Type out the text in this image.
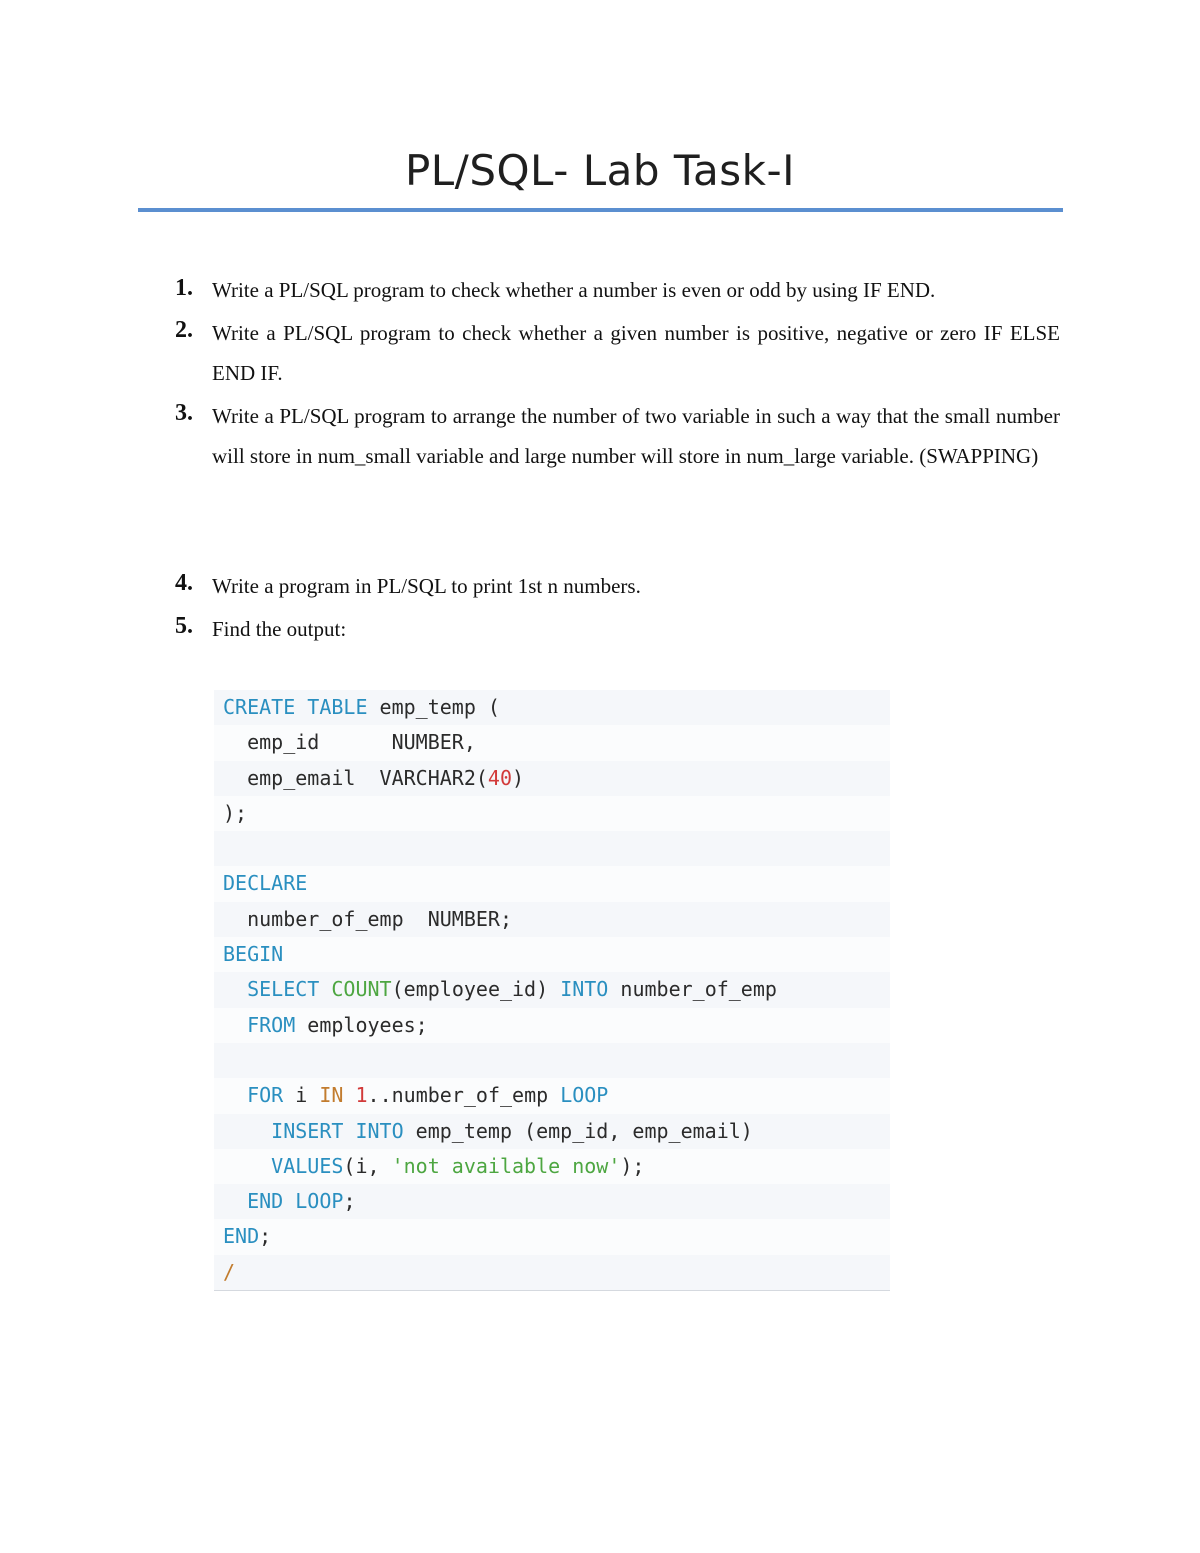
PL/SQL- Lab Task-I
1. Write a PL/SQL program to check whether a number is even or odd by using IF END.
2. Write a PL/SQL program to check whether a given number is positive, negative or zero IF ELSE END IF.
3. Write a PL/SQL program to arrange the number of two variable in such a way that the small number will store in num_small variable and large number will store in num_large variable. (SWAPPING)
4. Write a program in PL/SQL to print 1st n numbers.
5. Find the output:
CREATE TABLE emp_temp (
emp_id      NUMBER,
emp_email  VARCHAR2(40)
);
DECLARE
number_of_emp  NUMBER;
BEGIN
SELECT COUNT(employee_id) INTO number_of_emp
FROM employees;
FOR i IN 1..number_of_emp LOOP
INSERT INTO emp_temp (emp_id, emp_email)
VALUES(i, 'not available now');
END LOOP;
END;
/
